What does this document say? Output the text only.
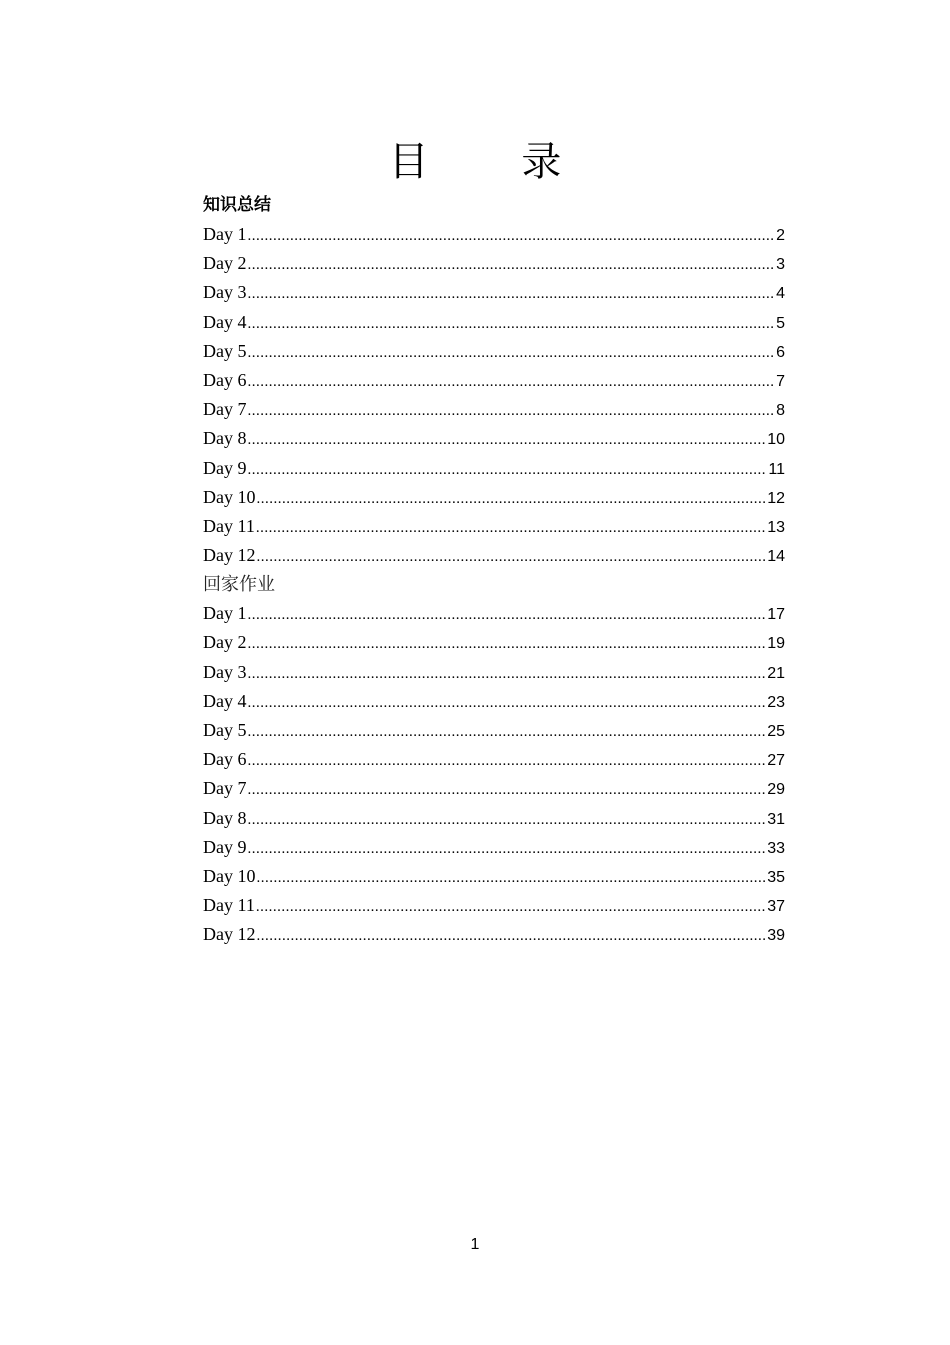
目 录
知识总结
Day 1 .....	2
Day 2 .....	3
Day 3 .....	4
Day 4 .....	5
Day 5 .....	6
Day 6 .....	7
Day 7 .....	8
Day 8 .....	10
Day 9 .....	11
Day 10 .....	12
Day 11 .....	13
Day 12 .....	14
回家作业
Day 1 .....	17
Day 2 .....	19
Day 3 .....	21
Day 4 .....	23
Day 5 .....	25
Day 6 .....	27
Day 7 .....	29
Day 8 .....	31
Day 9 .....	33
Day 10 .....	35
Day 11 .....	37
Day 12 .....	39
1
